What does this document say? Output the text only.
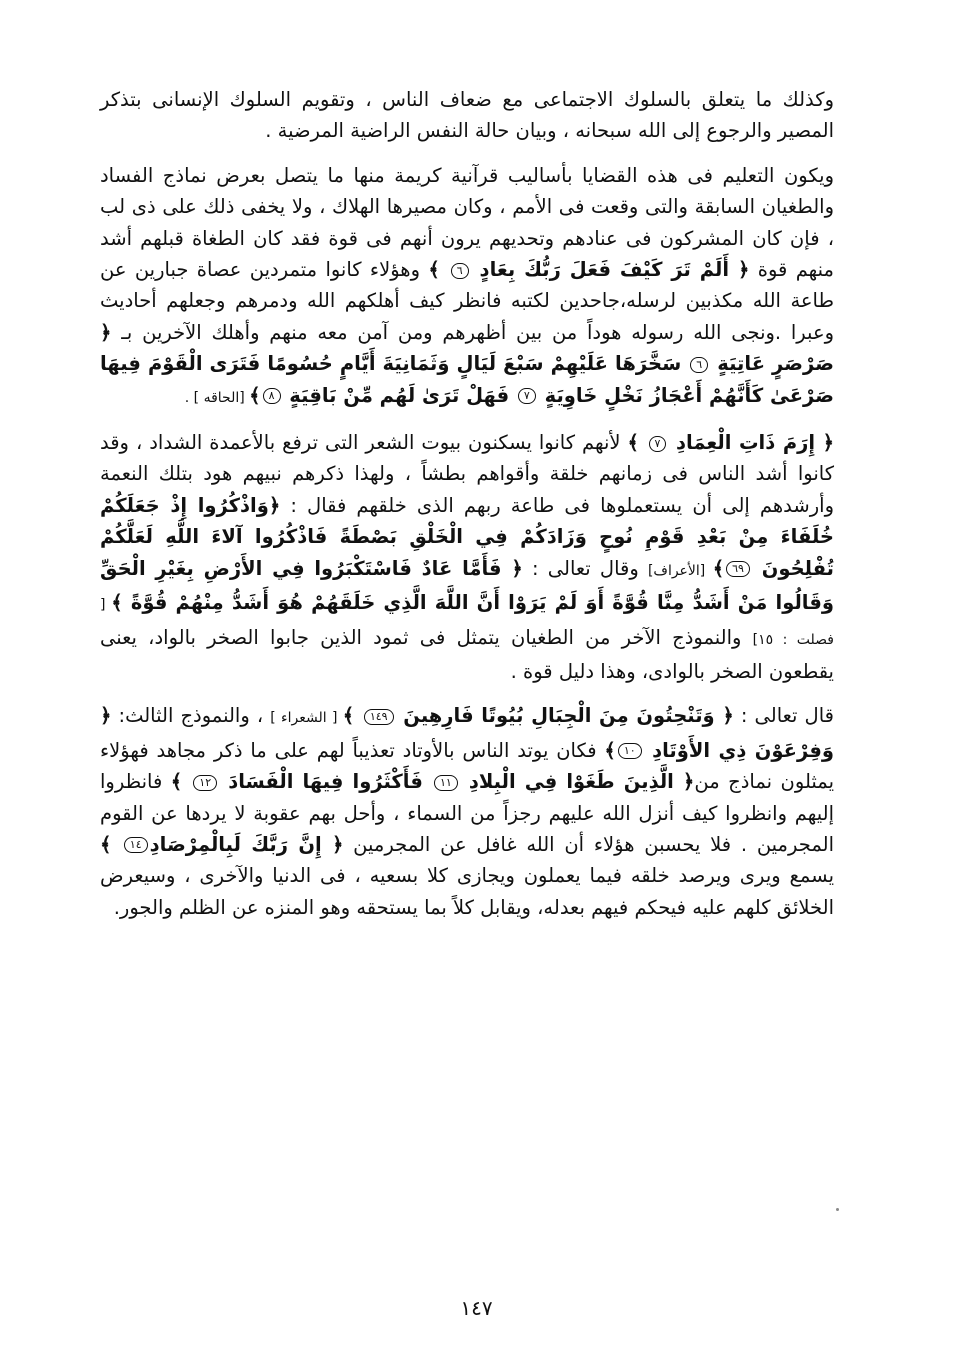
وكذلك ما يتعلق بالسلوك الاجتماعى مع ضعاف الناس ، وتقويم السلوك الإنسانى بتذكر المصير والرجوع إلى الله سبحانه ، وبيان حالة النفس الراضية المرضية .

ويكون التعليم فى هذه القضايا بأساليب قرآنية كريمة منها ما يتصل بعرض نماذج الفساد والطغيان السابقة والتى وقعت فى الأمم ، وكان مصيرها الهلاك ، ولا يخفى ذلك على ذى لب ، فإن كان المشركون فى عنادهم وتحديهم يرون أنهم فى قوة فقد كان الطغاة قبلهم أشد منهم قوة ﴿ أَلَمْ تَرَ كَيْفَ فَعَلَ رَبُّكَ بِعَادٍ ٦ ﴾ وهؤلاء كانوا متمردين عصاة جبارين عن طاعة الله مكذبين لرسله،جاحدين لكتبه فانظر كيف أهلكهم الله ودمرهم وجعلهم أحاديث وعبرا .ونجى الله رسوله هوداً من بين أظهرهم ومن آمن معه منهم وأهلك الآخرين بـ ﴿ صَرْصَرٍ عَاتِيَةٍ ٦ سَخَّرَهَا عَلَيْهِمْ سَبْعَ لَيَالٍ وَثَمَانِيَةَ أَيَّامٍ حُسُومًا فَتَرَى الْقَوْمَ فِيهَا صَرْعَىٰ كَأَنَّهُمْ أَعْجَازُ نَخْلٍ خَاوِيَةٍ ٧ فَهَلْ تَرَىٰ لَهُم مِّنْ بَاقِيَةٍ ٨﴾ [الحاقه ] .

﴿ إِرَمَ ذَاتِ الْعِمَادِ ٧ ﴾ لأنهم كانوا يسكنون بيوت الشعر التى ترفع بالأعمدة الشداد ، وقد كانوا أشد الناس فى زمانهم خلقة وأقواهم بطشاً ، ولهذا ذكرهم نبيهم هود بتلك النعمة وأرشدهم إلى أن يستعملوها فى طاعة ربهم الذى خلقهم فقال : ﴿وَاذْكُرُوا إِذْ جَعَلَكُمْ خُلَفَاءَ مِنْ بَعْدِ قَوْمِ نُوحٍ وَزَادَكُمْ فِي الْخَلْقِ بَصْطَةً فَاذْكُرُوا آلاءَ اللَّهِ لَعَلَّكُمْ تُفْلِحُونَ ٦٩﴾ [الأعراف] وقال تعالى : ﴿ فَأَمَّا عَادٌ فَاسْتَكْبَرُوا فِي الأَرْضِ بِغَيْرِ الْحَقِّ وَقَالُوا مَنْ أَشَدُّ مِنَّا قُوَّةً أَوَ لَمْ يَرَوْا أَنَّ اللَّهَ الَّذِي خَلَقَهُمْ هُوَ أَشَدُّ مِنْهُمْ قُوَّةً ﴾ [ فصلت : ١٥] والنموذج الآخر من الطغيان يتمثل فى ثمود الذين جابوا الصخر بالواد، يعنى يقطعون الصخر بالوادى، وهذا دليل قوة .

قال تعالى : ﴿ وَتَنْحِتُونَ مِنَ الْجِبَالِ بُيُوتًا فَارِهِينَ ١٤٩ ﴾ [ الشعراء ] ، والنموذج الثالث: ﴿ وَفِرْعَوْنَ ذِي الأَوْتَادِ ١٠﴾ فكان يوتد الناس بالأوتاد تعذيباً لهم على ما ذكر مجاهد فهؤلاء يمثلون نماذج من﴿ الَّذِينَ طَغَوْا فِي الْبِلادِ ١١ فَأَكْثَرُوا فِيهَا الْفَسَادَ ١٢ ﴾ فانظروا إليهم وانظروا كيف أنزل الله عليهم رجزاً من السماء ، وأحل بهم عقوبة لا يردها عن القوم المجرمين . فلا يحسبن هؤلاء أن الله غافل عن المجرمين ﴿ إِنَّ رَبَّكَ لَبِالْمِرْصَادِ١٤ ﴾ يسمع ويرى ويرصد خلقه فيما يعملون ويجازى كلا بسعيه ، فى الدنيا والآخرى ، وسيعرض الخلائق كلهم عليه فيحكم فيهم بعدله، ويقابل كلاً بما يستحقه وهو المنزه عن الظلم والجور.

١٤٧
